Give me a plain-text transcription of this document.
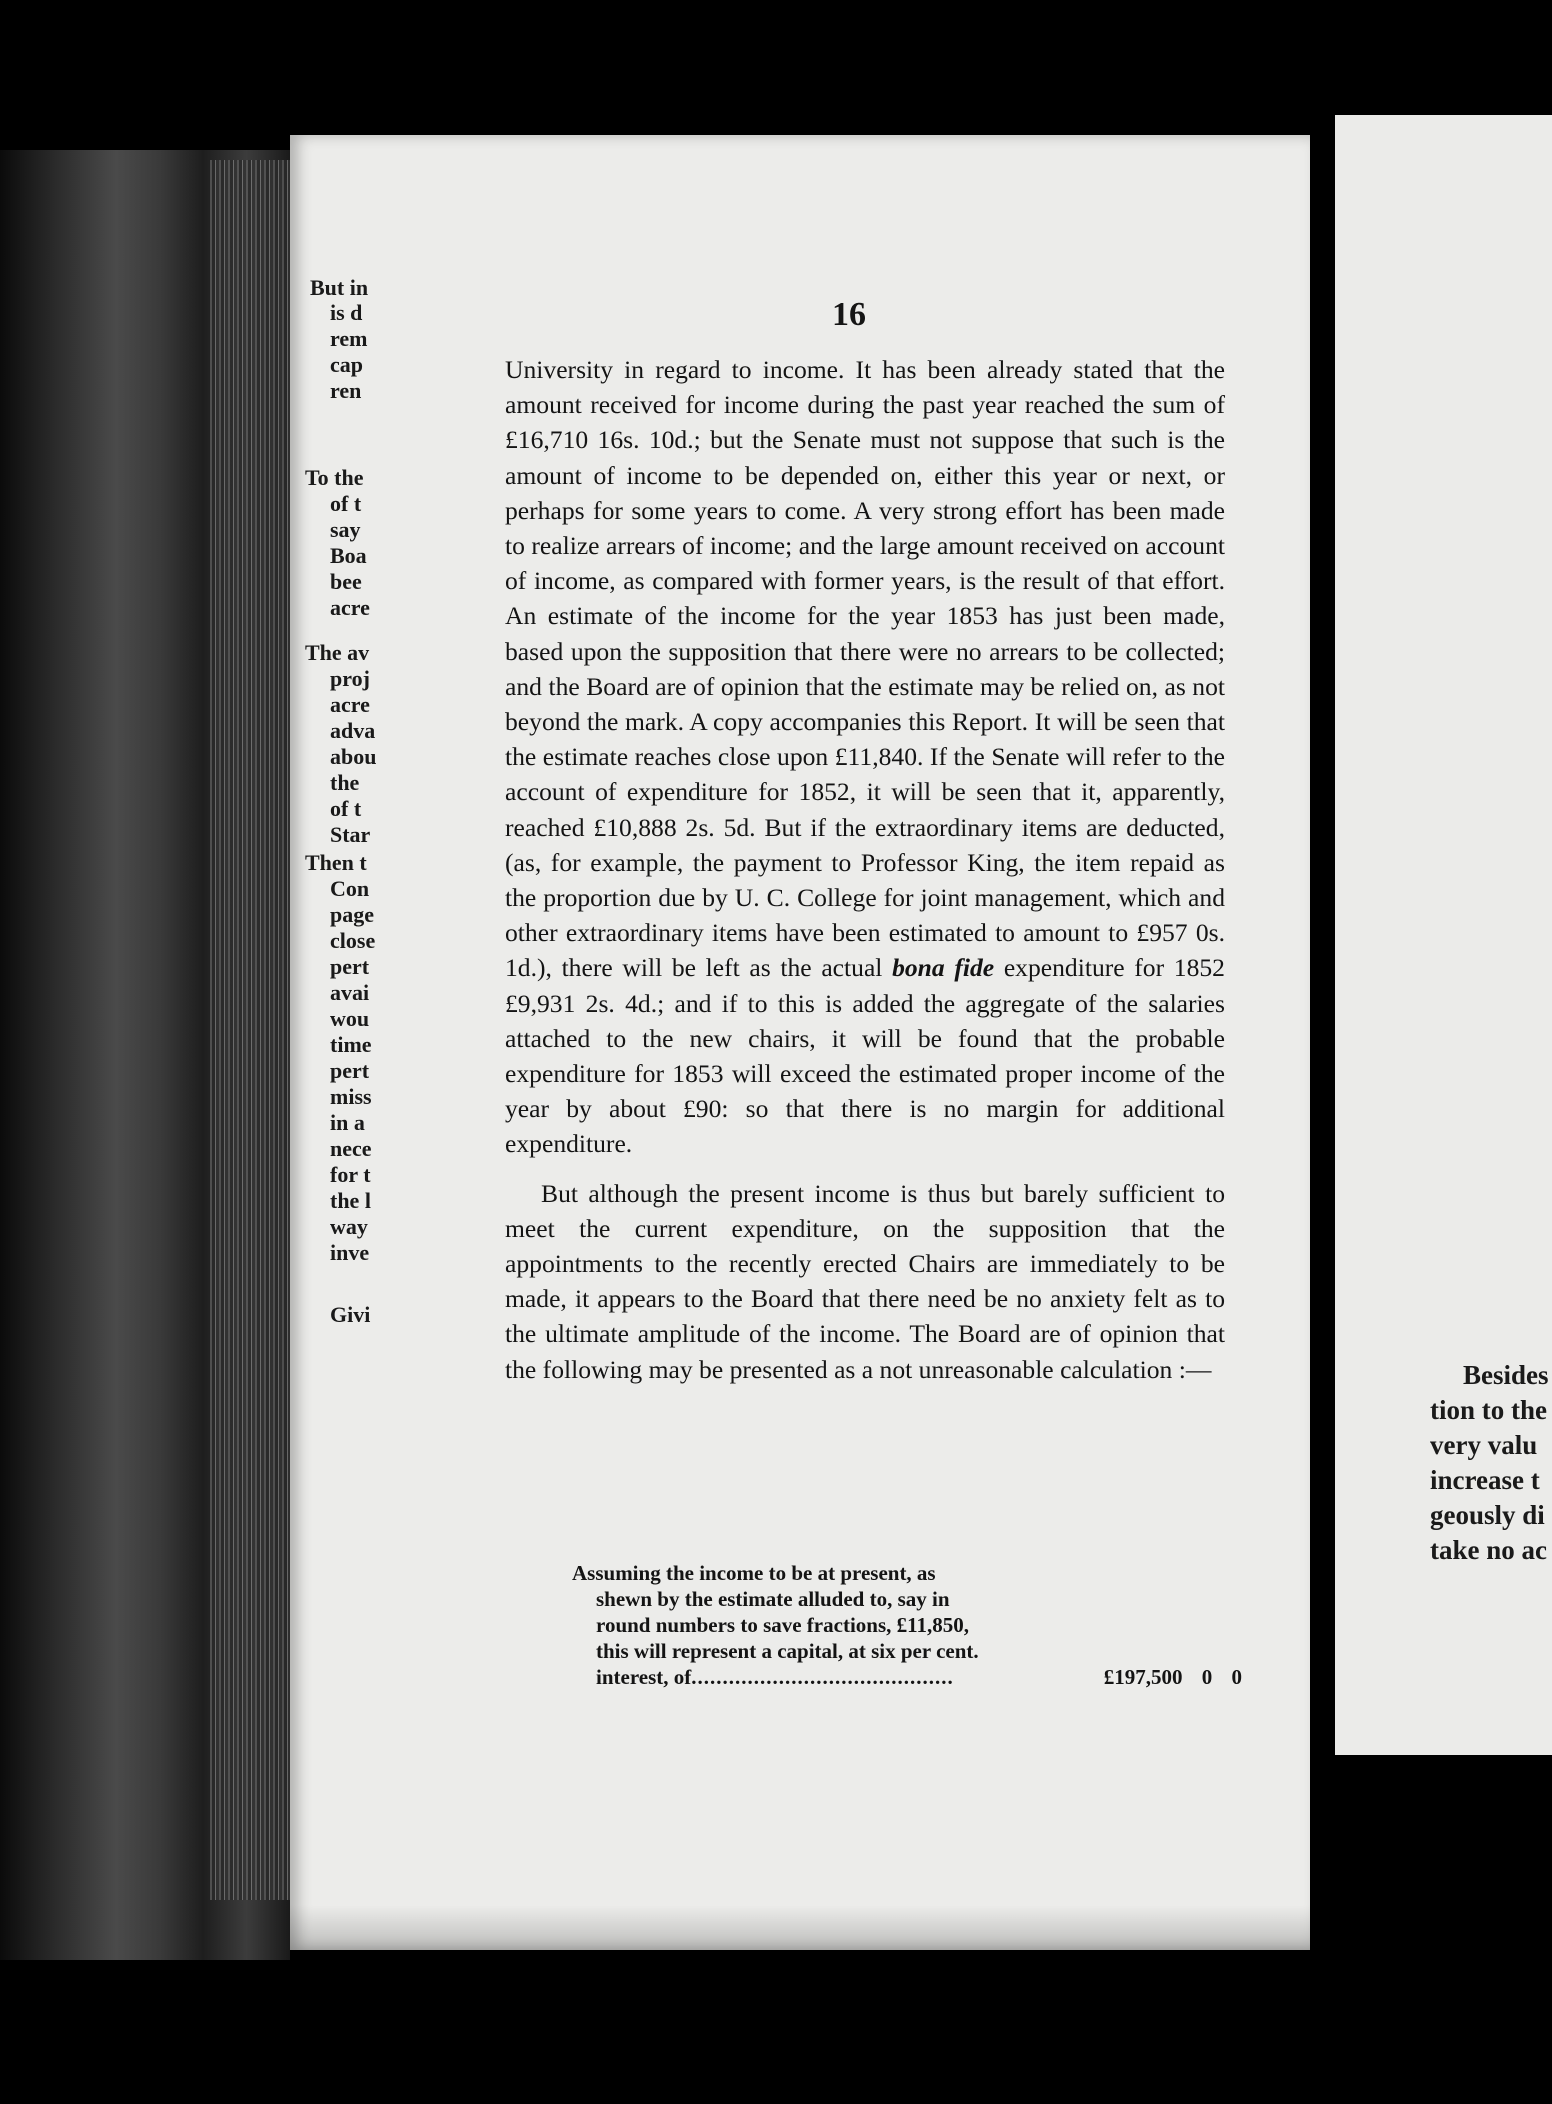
16

University in regard to income. It has been already stated that the amount received for income during the past year reached the sum of £16,710 16s. 10d.; but the Senate must not suppose that such is the amount of income to be depended on, either this year or next, or perhaps for some years to come. A very strong effort has been made to realize arrears of income; and the large amount received on account of income, as compared with former years, is the result of that effort. An estimate of the income for the year 1853 has just been made, based upon the supposition that there were no arrears to be collected; and the Board are of opinion that the estimate may be relied on, as not beyond the mark. A copy accompanies this Report. It will be seen that the estimate reaches close upon £11,840. If the Senate will refer to the account of expenditure for 1852, it will be seen that it, apparently, reached £10,888 2s. 5d. But if the extraordinary items are deducted, (as, for example, the payment to Professor King, the item repaid as the proportion due by U. C. College for joint management, which and other extraordinary items have been estimated to amount to £957 0s. 1d.), there will be left as the actual bona fide expenditure for 1852 £9,931 2s. 4d.; and if to this is added the aggregate of the salaries attached to the new chairs, it will be found that the probable expenditure for 1853 will exceed the estimated proper income of the year by about £90: so that there is no margin for additional expenditure.

But although the present income is thus but barely sufficient to meet the current expenditure, on the supposition that the appointments to the recently erected Chairs are immediately to be made, it appears to the Board that there need be no anxiety felt as to the ultimate amplitude of the income. The Board are of opinion that the following may be presented as a not unreasonable calculation :—

Assuming the income to be at present, as
shewn by the estimate alluded to, say in
round numbers to save fractions, £11,850,
this will represent a capital, at six per cent.
interest, of ..........................................	£197,500 0 0
But in
is d
rem
cap
ren
To the
of t
say
Boa
bee
acre
The av
proj
acre
adva
abou
the
of t
Star
Then t
Con
page
close
pert
avai
wou
time
pert
miss
in a
nece
for t
the l
way
inve
Givi
Besides
tion to the
very valu
increase t
geously di
take no ac
